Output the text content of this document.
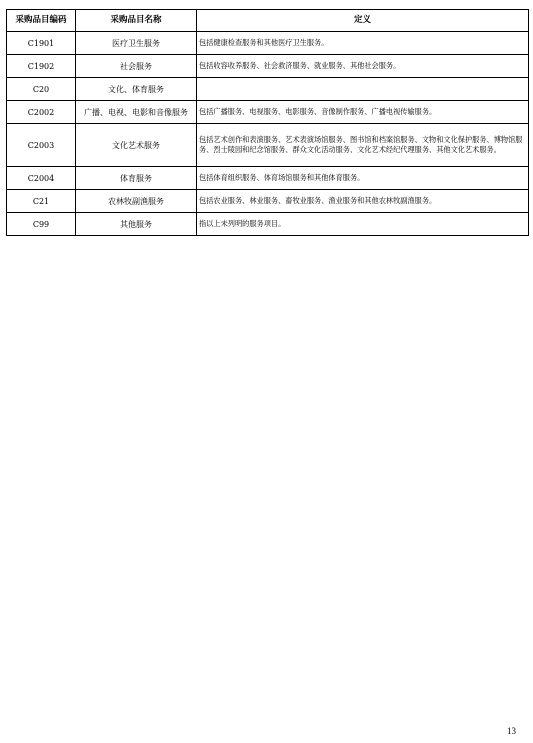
采购品目编码	采购品目名称	定义
C1901	医疗卫生服务	包括健康检查服务和其他医疗卫生服务。
C1902	社会服务	包括收容收养服务、社会救济服务、就业服务、其他社会服务。
C20	文化、体育服务	
C2002	广播、电视、电影和音像服务	包括广播服务、电视服务、电影服务、音像制作服务、广播电视传输服务。
C2003	文化艺术服务	包括艺术创作和表演服务、艺术表演场馆服务、图书馆和档案馆服务、文物和文化保护服务、博物馆服务、烈士陵园和纪念馆服务、群众文化活动服务、文化艺术经纪代理服务、其他文化艺术服务。
C2004	体育服务	包括体育组织服务、体育场馆服务和其他体育服务。
C21	农林牧副渔服务	包括农业服务、林业服务、畜牧业服务、渔业服务和其他农林牧副渔服务。
C99	其他服务	指以上未列明的服务项目。
13
